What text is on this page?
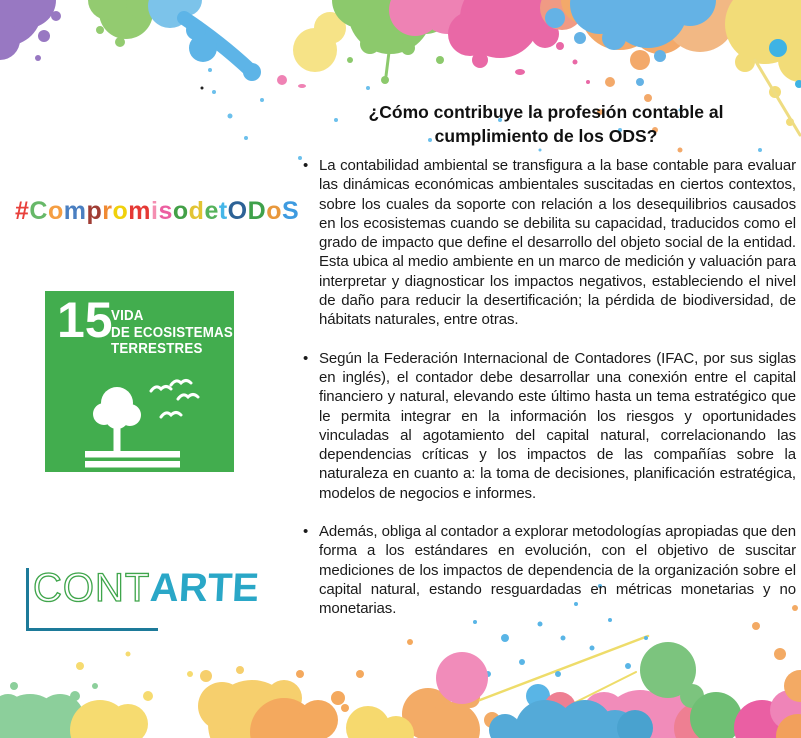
#CompromisodetODoS
15
VIDA
DE ECOSISTEMAS
TERRESTRES
CONTARTE
¿Cómo contribuye la profesión contable al
cumplimiento de los ODS?
• La contabilidad ambiental se transfigura a la base contable para evaluar las dinámicas económicas ambientales suscitadas en ciertos contextos, sobre los cuales da soporte con relación a los desequilibrios causados en los ecosistemas cuando se debilita su capacidad, traducidos como el grado de impacto que define el desarrollo del objeto social de la entidad. Esta ubica al medio ambiente en un marco de medición y valuación para interpretar y diagnosticar los impactos negativos, estableciendo el nivel de daño para reducir la desertificación; la pérdida de biodiversidad, de hábitats naturales, entre otras.
• Según la Federación Internacional de Contadores (IFAC, por sus siglas en inglés), el contador debe desarrollar una conexión entre el capital financiero y natural, elevando este último hasta un tema estratégico que le permita integrar en la información los riesgos y oportunidades vinculadas al agotamiento del capital natural, correlacionando las dependencias críticas y los impactos de las compañías sobre la naturaleza en cuanto a: la toma de decisiones, planificación estratégica, modelos de negocios e informes.
• Además, obliga al contador a explorar metodologías apropiadas que den forma a los estándares en evolución, con el objetivo de suscitar mediciones de los impactos de dependencia de la organización sobre el capital natural, estando resguardadas en métricas monetarias y no monetarias.
